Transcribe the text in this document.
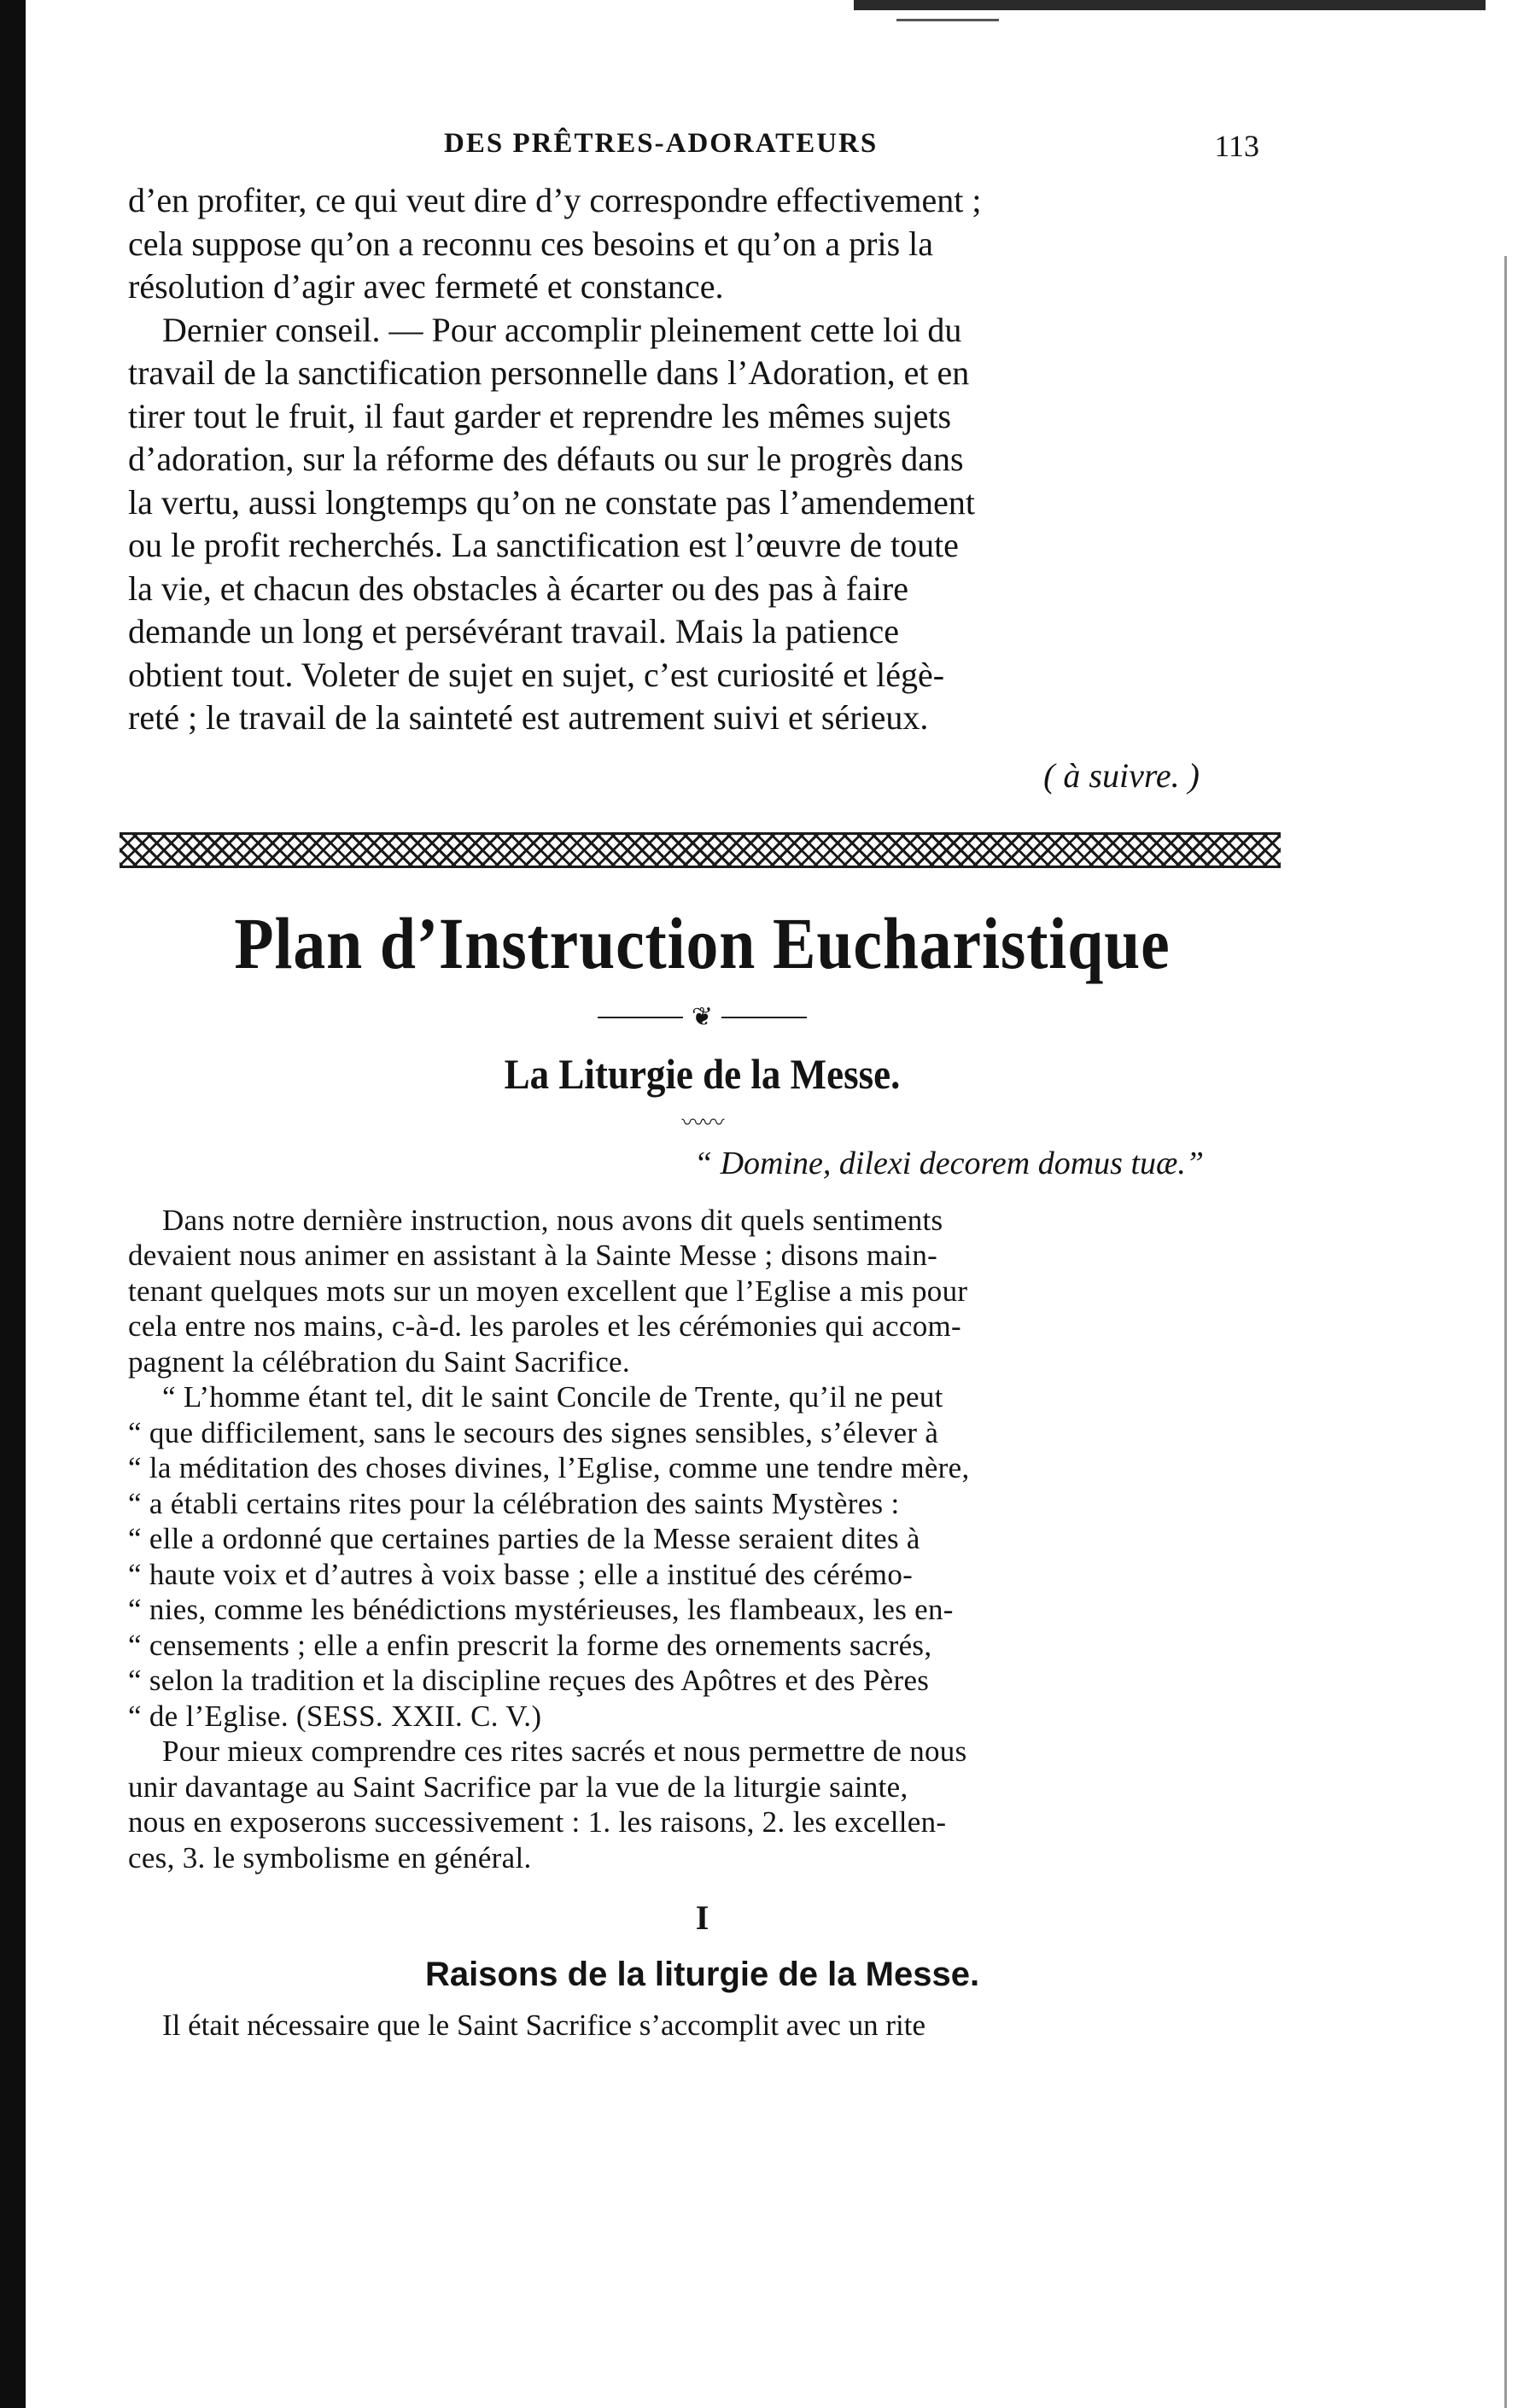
DES PRÊTRES-ADORATEURS	113

d’en profiter, ce qui veut dire d’y correspondre effectivement ;
cela suppose qu’on a reconnu ces besoins et qu’on a pris la
résolution d’agir avec fermeté et constance.

Dernier conseil. — Pour accomplir pleinement cette loi du
travail de la sanctification personnelle dans l’Adoration, et en
tirer tout le fruit, il faut garder et reprendre les mêmes sujets
d’adoration, sur la réforme des défauts ou sur le progrès dans
la vertu, aussi longtemps qu’on ne constate pas l’amendement
ou le profit recherchés. La sanctification est l’œuvre de toute
la vie, et chacun des obstacles à écarter ou des pas à faire
demande un long et persévérant travail. Mais la patience
obtient tout. Voleter de sujet en sujet, c’est curiosité et légè-
reté ; le travail de la sainteté est autrement suivi et sérieux.

( à suivre. )
Plan d’Instruction Eucharistique
❦
La Liturgie de la Messe.
〰〰
“ Domine, dilexi decorem domus tuæ.”

Dans notre dernière instruction, nous avons dit quels sentiments
devaient nous animer en assistant à la Sainte Messe ; disons main-
tenant quelques mots sur un moyen excellent que l’Eglise a mis pour
cela entre nos mains, c-à-d. les paroles et les cérémonies qui accom-
pagnent la célébration du Saint Sacrifice.

“ L’homme étant tel, dit le saint Concile de Trente, qu’il ne peut
“ que difficilement, sans le secours des signes sensibles, s’élever à
“ la méditation des choses divines, l’Eglise, comme une tendre mère,
“ a établi certains rites pour la célébration des saints Mystères :
“ elle a ordonné que certaines parties de la Messe seraient dites à
“ haute voix et d’autres à voix basse ; elle a institué des cérémo-
“ nies, comme les bénédictions mystérieuses, les flambeaux, les en-
“ censements ; elle a enfin prescrit la forme des ornements sacrés,
“ selon la tradition et la discipline reçues des Apôtres et des Pères
“ de l’Eglise. (SESS. XXII. C. V.)

Pour mieux comprendre ces rites sacrés et nous permettre de nous
unir davantage au Saint Sacrifice par la vue de la liturgie sainte,
nous en exposerons successivement : 1. les raisons, 2. les excellen-
ces, 3. le symbolisme en général.

I
Raisons de la liturgie de la Messe.
Il était nécessaire que le Saint Sacrifice s’accomplit avec un rite
